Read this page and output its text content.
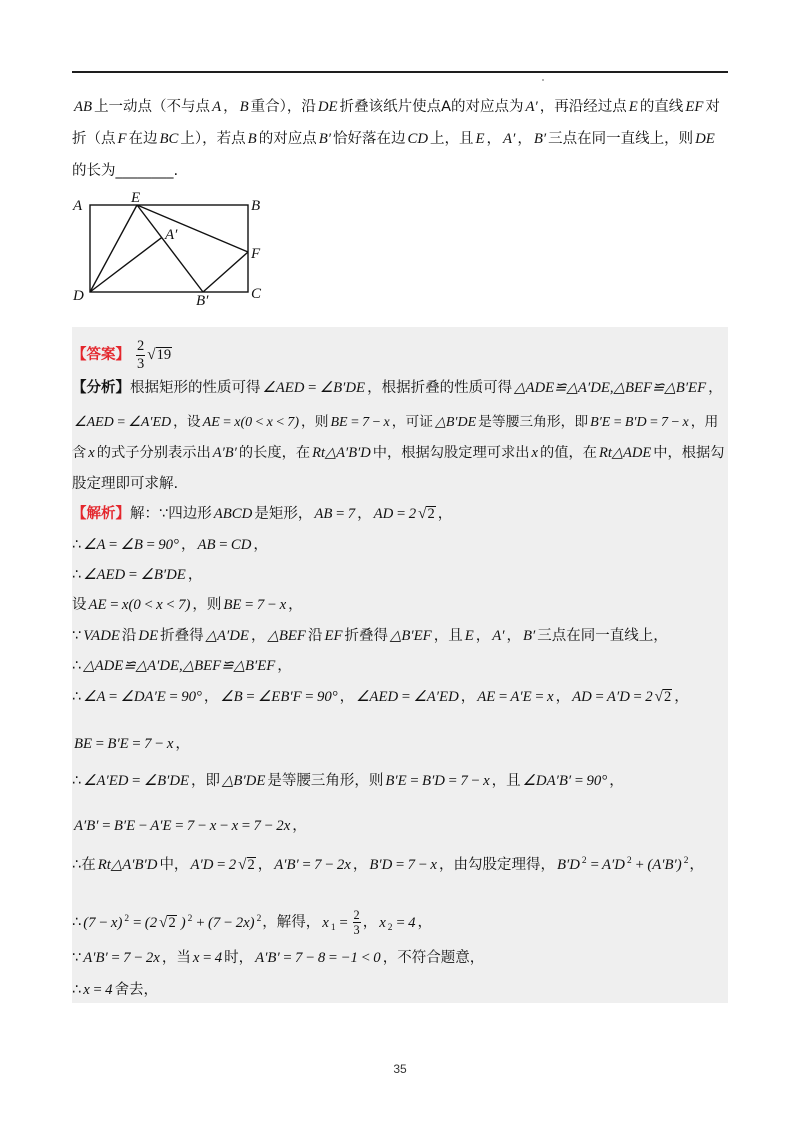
AB 上一动点（不与点 A ， B 重合），沿 DE 折叠该纸片使点A的对应点为 A′ ，再沿经过点 E 的直线 EF 对
折（点 F 在边 BC 上），若点 B 的对应点 B′ 恰好落在边 CD 上，且 E ， A′ ， B′ 三点在同一直线上，则 DE
的长为________.
A	E	B
A′
F
D	B′	C
【答案】 $\frac{2}{3} √19$
【分析】根据矩形的性质可得 ∠AED = ∠B′DE ，根据折叠的性质可得 △ADE≌△A′DE,△BEF≌△B′EF ，
∠AED = ∠A′ED ，设 AE = x(0 < x < 7) ，则 BE = 7 − x ，可证 △B′DE 是等腰三角形，即 B′E = B′D = 7 − x ，用
含 x 的式子分别表示出 A′B′ 的长度，在 Rt△A′B′D 中，根据勾股定理可求出 x 的值，在 Rt△ADE 中，根据勾
股定理即可求解.
【解析】解：∵四边形 ABCD 是矩形， AB = 7 ， AD = 2 √2 ，
∴ ∠A = ∠B = 90° ， AB = CD ，
∴ ∠AED = ∠B′DE ，
设 AE = x(0 < x < 7) ，则 BE = 7 − x ，
∵ VADE 沿 DE 折叠得 △A′DE ， △BEF 沿 EF 折叠得 △B′EF ，且 E ， A′ ， B′ 三点在同一直线上，
∴ △ADE≌△A′DE,△BEF≌△B′EF ，
∴ ∠A = ∠DA′E = 90° ， ∠B = ∠EB′F = 90° ， ∠AED = ∠A′ED ， AE = A′E = x ， AD = A′D = 2 √2 ，
BE = B′E = 7 − x ，
∴ ∠A′ED = ∠B′DE ，即 △B′DE 是等腰三角形，则 B′E = B′D = 7 − x ，且 ∠DA′B′ = 90° ，
A′B′ = B′E − A′E = 7 − x − x = 7 − 2x ，
∴在 Rt△A′B′D 中， A′D = 2 √2 ， A′B′ = 7 − 2x ， B′D = 7 − x ，由勾股定理得， B′D $^2$ = A′D $^2$ + (A′B′) $^2$，
∴ (7 − x) $^2$ = (2 √2 ) $^2$ + (7 − 2x) $^2$，解得， x $_1 = \frac{2}{3}$ ， x $_2$ = 4 ，
∵ A′B′ = 7 − 2x ，当 x = 4 时， A′B′ = 7 − 8 = −1 < 0 ，不符合题意，
∴ x = 4 舍去，
35
